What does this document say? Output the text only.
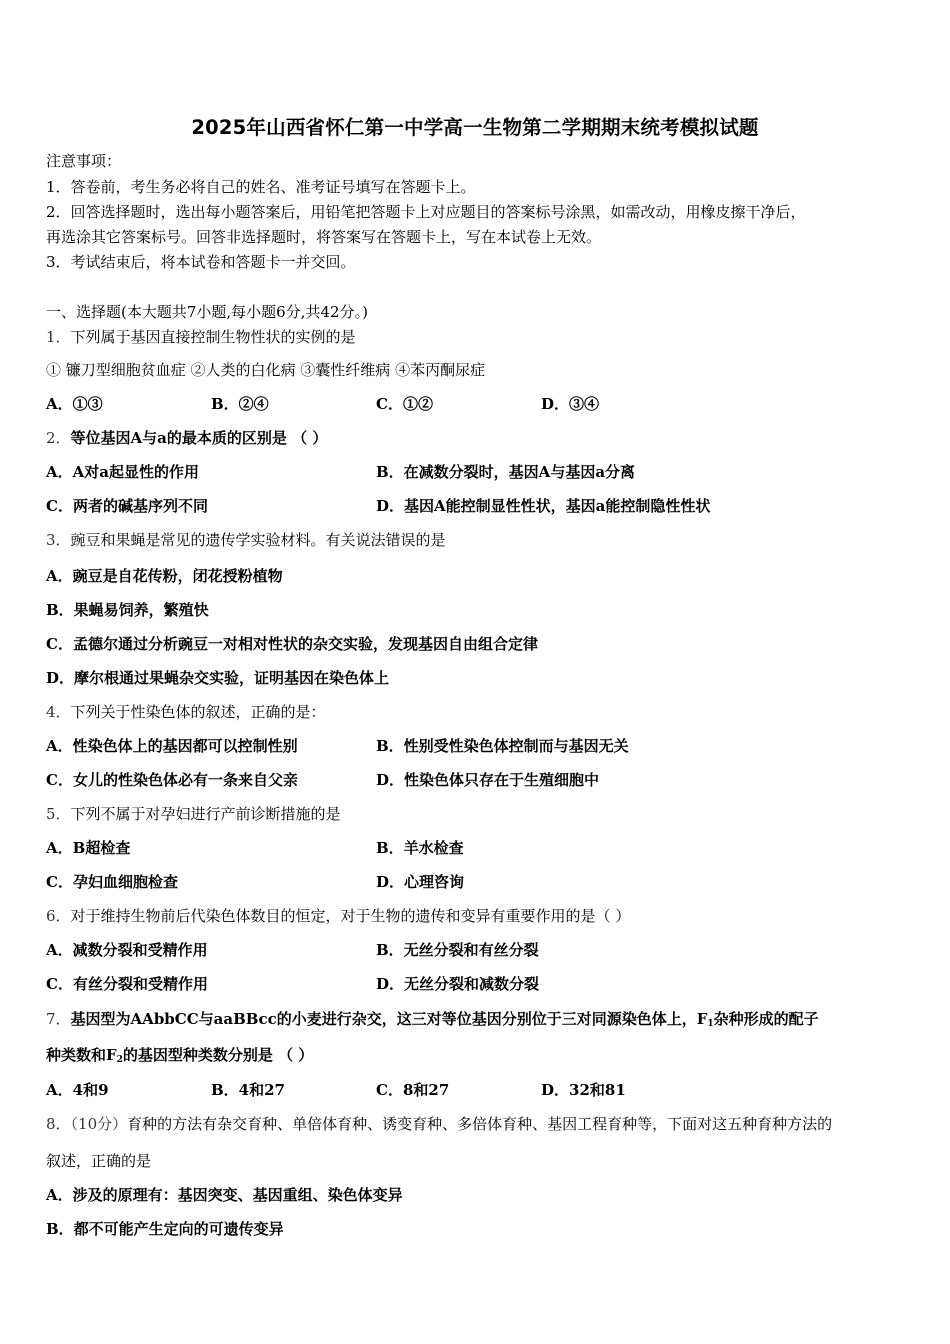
2025年山西省怀仁第一中学高一生物第二学期期末统考模拟试题
注意事项：
1．答卷前，考生务必将自己的姓名、准考证号填写在答题卡上。
2．回答选择题时，选出每小题答案后，用铅笔把答题卡上对应题目的答案标号涂黑，如需改动，用橡皮擦干净后，
再选涂其它答案标号。回答非选择题时，将答案写在答题卡上，写在本试卷上无效。
3．考试结束后，将本试卷和答题卡一并交回。
一、选择题(本大题共7小题,每小题6分,共42分。)
1．下列属于基因直接控制生物性状的实例的是
① 镰刀型细胞贫血症 ②人类的白化病 ③囊性纤维病 ④苯丙酮尿症
A．①③	B．②④	C．①②	D．③④
2．等位基因A与a的最本质的区别是 （ ）
A．A对a起显性的作用	B．在减数分裂时，基因A与基因a分离
C．两者的碱基序列不同	D．基因A能控制显性性状，基因a能控制隐性性状
3．豌豆和果蝇是常见的遗传学实验材料。有关说法错误的是
A．豌豆是自花传粉，闭花授粉植物
B．果蝇易饲养，繁殖快
C．孟德尔通过分析豌豆一对相对性状的杂交实验，发现基因自由组合定律
D．摩尔根通过果蝇杂交实验，证明基因在染色体上
4．下列关于性染色体的叙述，正确的是：
A．性染色体上的基因都可以控制性别	B．性别受性染色体控制而与基因无关
C．女儿的性染色体必有一条来自父亲	D．性染色体只存在于生殖细胞中
5．下列不属于对孕妇进行产前诊断措施的是
A．B超检查	B．羊水检查
C．孕妇血细胞检查	D．心理咨询
6．对于维持生物前后代染色体数目的恒定，对于生物的遗传和变异有重要作用的是（ ）
A．减数分裂和受精作用	B．无丝分裂和有丝分裂
C．有丝分裂和受精作用	D．无丝分裂和减数分裂
7．基因型为AAbbCC与aaBBcc的小麦进行杂交，这三对等位基因分别位于三对同源染色体上，$F_1$杂种形成的配子
种类数和$F_2$的基因型种类数分别是 （ ）
A．4和9	B．4和27	C．8和27	D．32和81
8．（10分）育种的方法有杂交育种、单倍体育种、诱变育种、多倍体育种、基因工程育种等，下面对这五种育种方法的
叙述，正确的是
A．涉及的原理有：基因突变、基因重组、染色体变异
B．都不可能产生定向的可遗传变异
